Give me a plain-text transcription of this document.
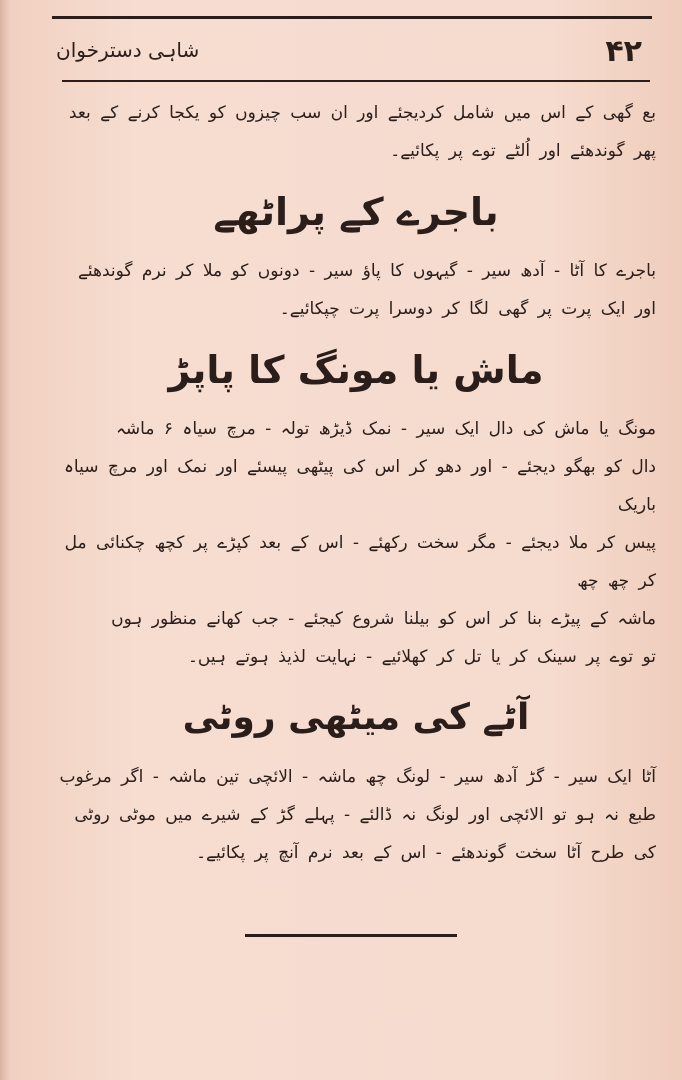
۴۲
شاہی دسترخوان

بع گھی کے اس میں شامل کردیجئے اور ان سب چیزوں کو یکجا کرنے کے بعد

پھر گوندھئے اور اُلٹے توے پر پکائیے۔

باجرے کے پراٹھے

باجرے کا آٹا - آدھ سیر - گیہوں کا پاؤ سیر - دونوں کو ملا کر نرم گوندھئے

اور ایک پرت پر گھی لگا کر دوسرا پرت چپکائیے۔

ماش یا مونگ کا پاپڑ

مونگ یا ماش کی دال ایک سیر - نمک ڈیڑھ تولہ - مرچ سیاہ ۶ ماشہ

دال کو بھگو دیجئے - اور دھو کر اس کی پیٹھی پیسئے اور نمک اور مرچ سیاہ باریک

پیس کر ملا دیجئے - مگر سخت رکھئے - اس کے بعد کپڑے پر کچھ چکنائی مل کر چھ چھ

ماشہ کے پیڑے بنا کر اس کو بیلنا شروع کیجئے - جب کھانے منظور ہوں

تو توے پر سینک کر یا تل کر کھلائیے - نہایت لذیذ ہوتے ہیں۔

آٹے کی میٹھی روٹی

آٹا ایک سیر - گڑ آدھ سیر - لونگ چھ ماشہ - الائچی تین ماشہ - اگر مرغوب

طبع نہ ہو تو الائچی اور لونگ نہ ڈالئے - پہلے گڑ کے شیرے میں موٹی روٹی

کی طرح آٹا سخت گوندھئے - اس کے بعد نرم آنچ پر پکائیے۔
